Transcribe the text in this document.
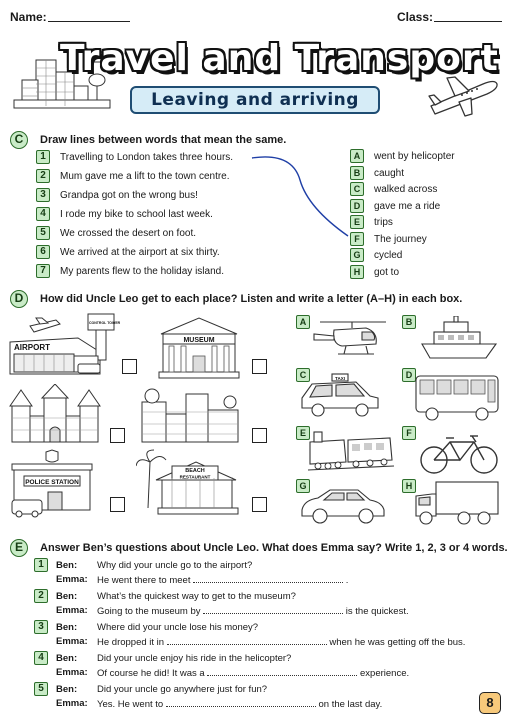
Name:	Class:
Travel and Transport
Leaving and arriving
C	Draw lines between words that mean the same.
1	Travelling to London takes three hours.
2	Mum gave me a lift to the town centre.
3	Grandpa got on the wrong bus!
4	I rode my bike to school last week.
5	We crossed the desert on foot.
6	We arrived at the airport at six thirty.
7	My parents flew to the holiday island.
A	went by helicopter
B	caught
C	walked across
D	gave me a ride
E	trips
F	The journey
G	cycled
H	got to
D	How did Uncle Leo get to each place? Listen and write a letter (A–H) in each box.
AIRPORT
CONTROL TOWER
MUSEUM
POLICE STATION
BEACH
RESTAURANT
A	B
C	TAXI	D
E	F
G	H
E	Answer Ben’s questions about Uncle Leo. What does Emma say? Write 1, 2, 3 or 4 words.
1	Ben: Why did your uncle go to the airport?
Emma: He went there to meet	.
2	Ben: What’s the quickest way to get to the museum?
Emma: Going to the museum by	is the quickest.
3	Ben: Where did your uncle lose his money?
Emma: He dropped it in	when he was getting off the bus.
4	Ben: Did your uncle enjoy his ride in the helicopter?
Emma: Of course he did! It was a	experience.
5	Ben: Did your uncle go anywhere just for fun?
Emma: Yes. He went to	on the last day.	8
